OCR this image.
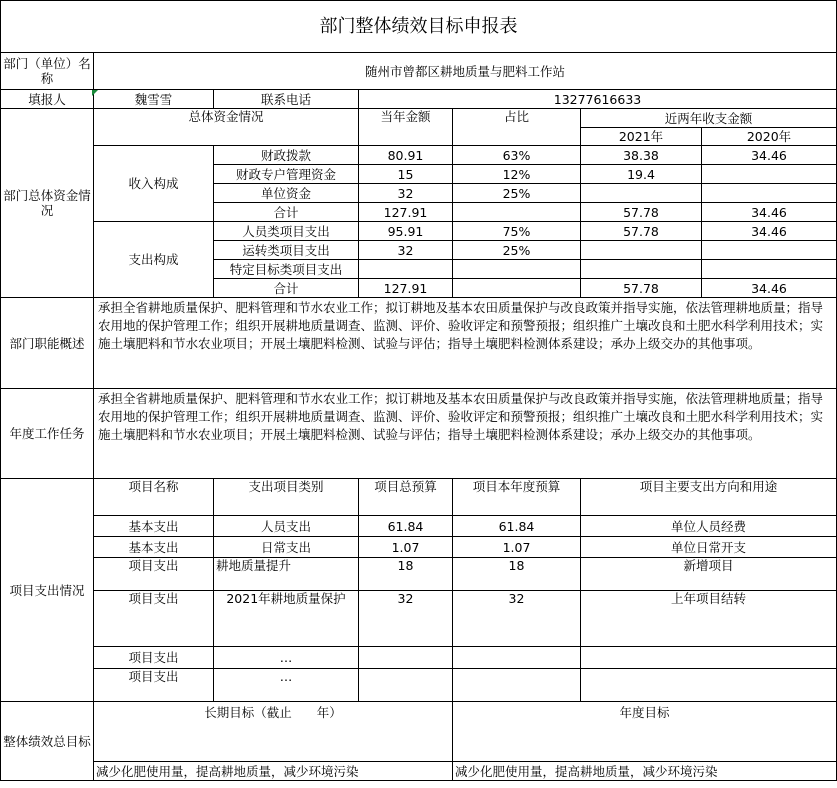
部门整体绩效目标申报表						
部门（单位）名称	随州市曾都区耕地质量与肥料工作站					
填报人	魏雪雪	联系电话	13277616633			
部门总体资金情况	总体资金情况		当年金额	占比	近两年收支金额	
					2021年	2020年
	收入构成	财政拨款	80.91	63%	38.38	34.46
		财政专户管理资金	15	12%	19.4	
		单位资金	32	25%		
		合计	127.91		57.78	34.46
	支出构成	人员类项目支出	95.91	75%	57.78	34.46
		运转类项目支出	32	25%		
		特定目标类项目支出				
		合计	127.91		57.78	34.46
部门职能概述	承担全省耕地质量保护、肥料管理和节水农业工作；拟订耕地及基本农田质量保护与改良政策并指导实施，依法管理耕地质量；指导农用地的保护管理工作；组织开展耕地质量调查、监测、评价、验收评定和预警预报；组织推广土壤改良和土肥水科学利用技术；实施土壤肥料和节水农业项目；开展土壤肥料检测、试验与评估；指导土壤肥料检测体系建设；承办上级交办的其他事项。					
年度工作任务	承担全省耕地质量保护、肥料管理和节水农业工作；拟订耕地及基本农田质量保护与改良政策并指导实施，依法管理耕地质量；指导农用地的保护管理工作；组织开展耕地质量调查、监测、评价、验收评定和预警预报；组织推广土壤改良和土肥水科学利用技术；实施土壤肥料和节水农业项目；开展土壤肥料检测、试验与评估；指导土壤肥料检测体系建设；承办上级交办的其他事项。					
项目支出情况	项目名称	支出项目类别	项目总预算	项目本年度预算	项目主要支出方向和用途	
	基本支出	人员支出	61.84	61.84	单位人员经费	
	基本支出	日常支出	1.07	1.07	单位日常开支	
	项目支出	耕地质量提升	18	18	新增项目	
	项目支出	2021年耕地质量保护	32	32	上年项目结转	
	项目支出	…				
	项目支出	…				
整体绩效总目标	长期目标（截止　　年）			年度目标		
	减少化肥使用量，提高耕地质量，减少环境污染			减少化肥使用量，提高耕地质量，减少环境污染		
